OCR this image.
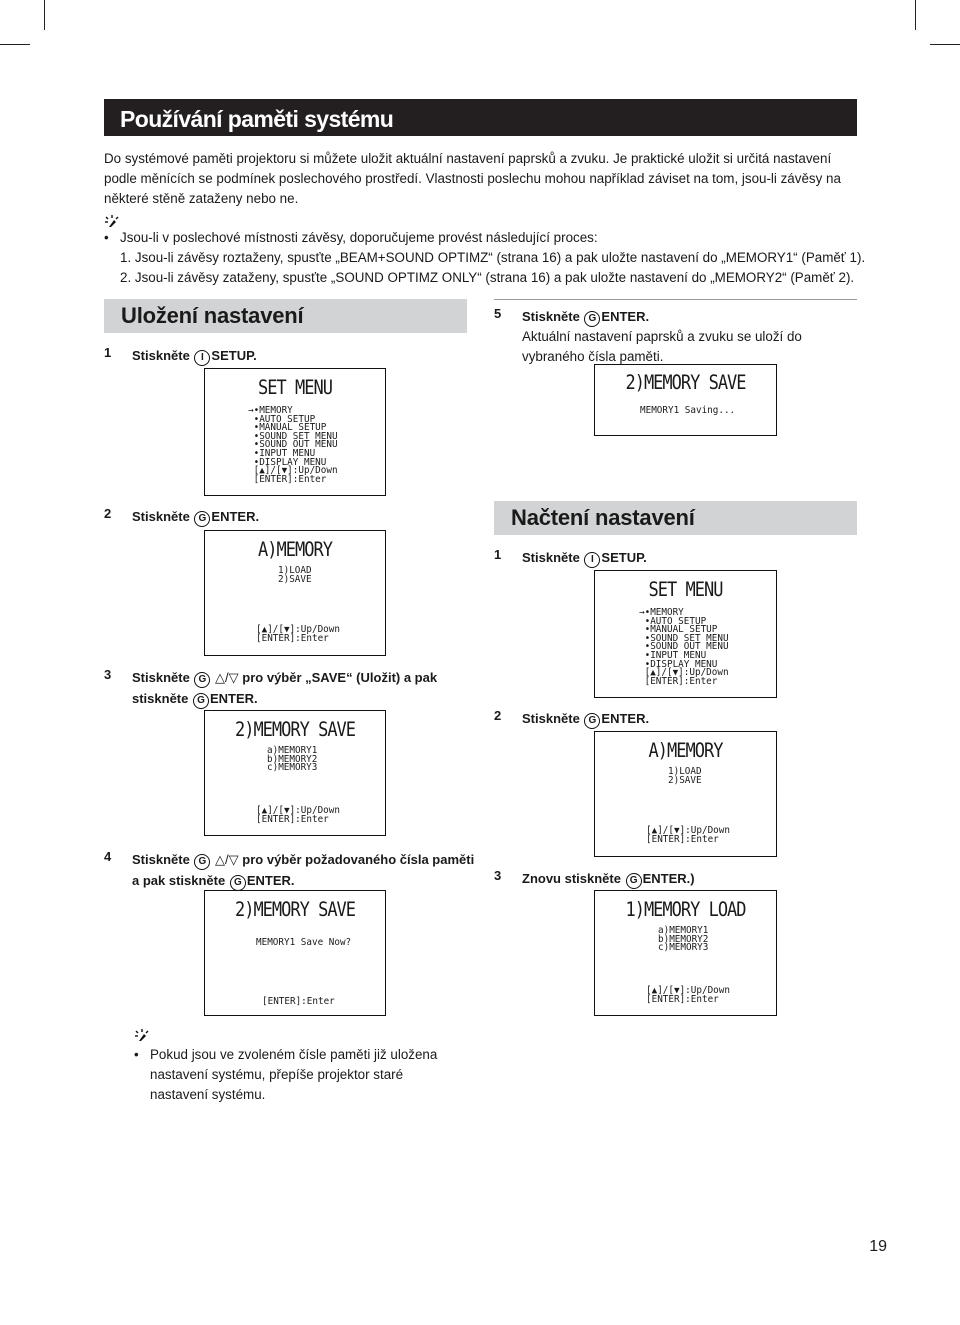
Používání paměti systému
Do systémové paměti projektoru si můžete uložit aktuální nastavení paprsků a zvuku. Je praktické uložit si určitá nastavení podle měnících se podmínek poslechového prostředí. Vlastnosti poslechu mohou například záviset na tom, jsou-li závěsy na některé stěně zataženy nebo ne.
• Jsou-li v poslechové místnosti závěsy, doporučujeme provést následující proces:
1. Jsou-li závěsy roztaženy, spusťte „BEAM+SOUND OPTIMZ“ (strana 16) a pak uložte nastavení do „MEMORY1“ (Paměť 1).
2. Jsou-li závěsy zataženy, spusťte „SOUND OPTIMZ ONLY“ (strana 16) a pak uložte nastavení do „MEMORY2“ (Paměť 2).
Uložení nastavení
1 Stiskněte I SETUP.
SET MENU
→•MEMORY
•AUTO SETUP
•MANUAL SETUP
•SOUND SET MENU
•SOUND OUT MENU
•INPUT MENU
•DISPLAY MENU
[▲]/[▼]:Up/Down
[ENTER]:Enter
2 Stiskněte G ENTER.
A)MEMORY
1)LOAD
2)SAVE
[▲]/[▼]:Up/Down
[ENTER]:Enter
3 Stiskněte G △/▽ pro výběr „SAVE“ (Uložit) a pak
stiskněte G ENTER.
2)MEMORY SAVE
a)MEMORY1
b)MEMORY2
c)MEMORY3
[▲]/[▼]:Up/Down
[ENTER]:Enter
4 Stiskněte G △/▽ pro výběr požadovaného čísla paměti
a pak stiskněte G ENTER.
2)MEMORY SAVE
MEMORY1 Save Now?
[ENTER]:Enter
5 Stiskněte G ENTER.
Aktuální nastavení paprsků a zvuku se uloží do vybraného čísla paměti.
2)MEMORY SAVE
MEMORY1 Saving...
Načtení nastavení
1 Stiskněte I SETUP.
SET MENU
→•MEMORY
•AUTO SETUP
•MANUAL SETUP
•SOUND SET MENU
•SOUND OUT MENU
•INPUT MENU
•DISPLAY MENU
[▲]/[▼]:Up/Down
[ENTER]:Enter
2 Stiskněte G ENTER.
A)MEMORY
1)LOAD
2)SAVE
[▲]/[▼]:Up/Down
[ENTER]:Enter
3 Znovu stiskněte G ENTER.)
1)MEMORY LOAD
a)MEMORY1
b)MEMORY2
c)MEMORY3
[▲]/[▼]:Up/Down
[ENTER]:Enter
• Pokud jsou ve zvoleném čísle paměti již uložena nastavení systému, přepíše projektor staré nastavení systému.
19
